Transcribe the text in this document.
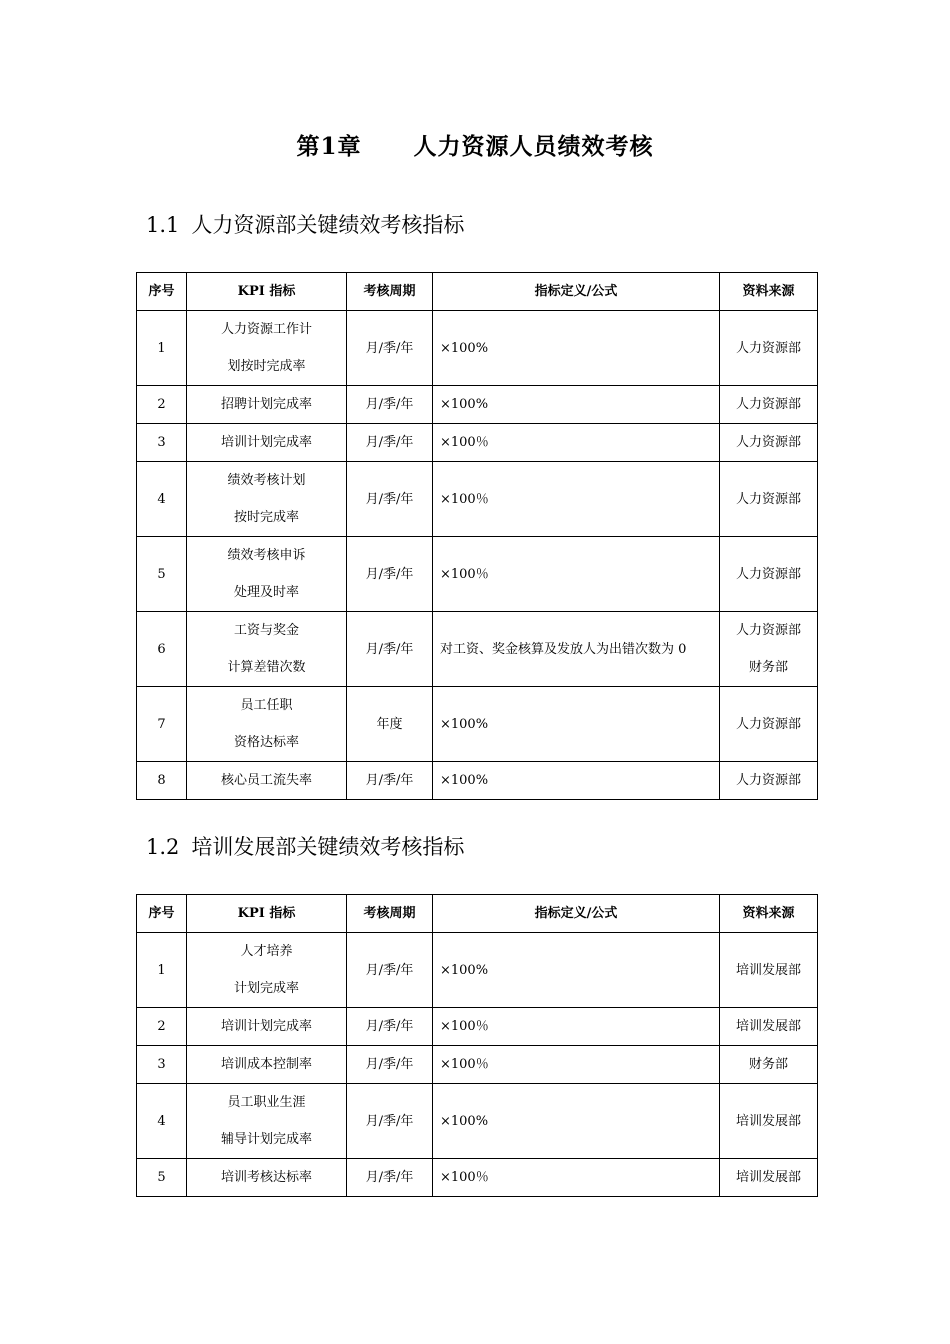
第1章 人力资源人员绩效考核
1.1 人力资源部关键绩效考核指标
序号	KPI 指标	考核周期	指标定义/公式	资料来源
1	人力资源工作计
划按时完成率	月/季/年	×100%	人力资源部

2	招聘计划完成率	月/季/年	×100%	人力资源部

3	培训计划完成率	月/季/年	×100％	人力资源部

4	绩效考核计划
按时完成率	月/季/年	×100％	人力资源部

5	绩效考核申诉
处理及时率	月/季/年	×100％	人力资源部

6	工资与奖金
计算差错次数	月/季/年	对工资、奖金核算及发放人为出错次数为 0	人力资源部
财务部

7	员工任职
资格达标率	年度	×100%	人力资源部

8	核心员工流失率	月/季/年	×100%	人力资源部
1.2 培训发展部关键绩效考核指标
序号	KPI 指标	考核周期	指标定义/公式	资料来源
1	人才培养
计划完成率	月/季/年	×100%	培训发展部

2	培训计划完成率	月/季/年	×100％	培训发展部

3	培训成本控制率	月/季/年	×100％	财务部

4	员工职业生涯
辅导计划完成率	月/季/年	×100%	培训发展部

5	培训考核达标率	月/季/年	×100％	培训发展部
